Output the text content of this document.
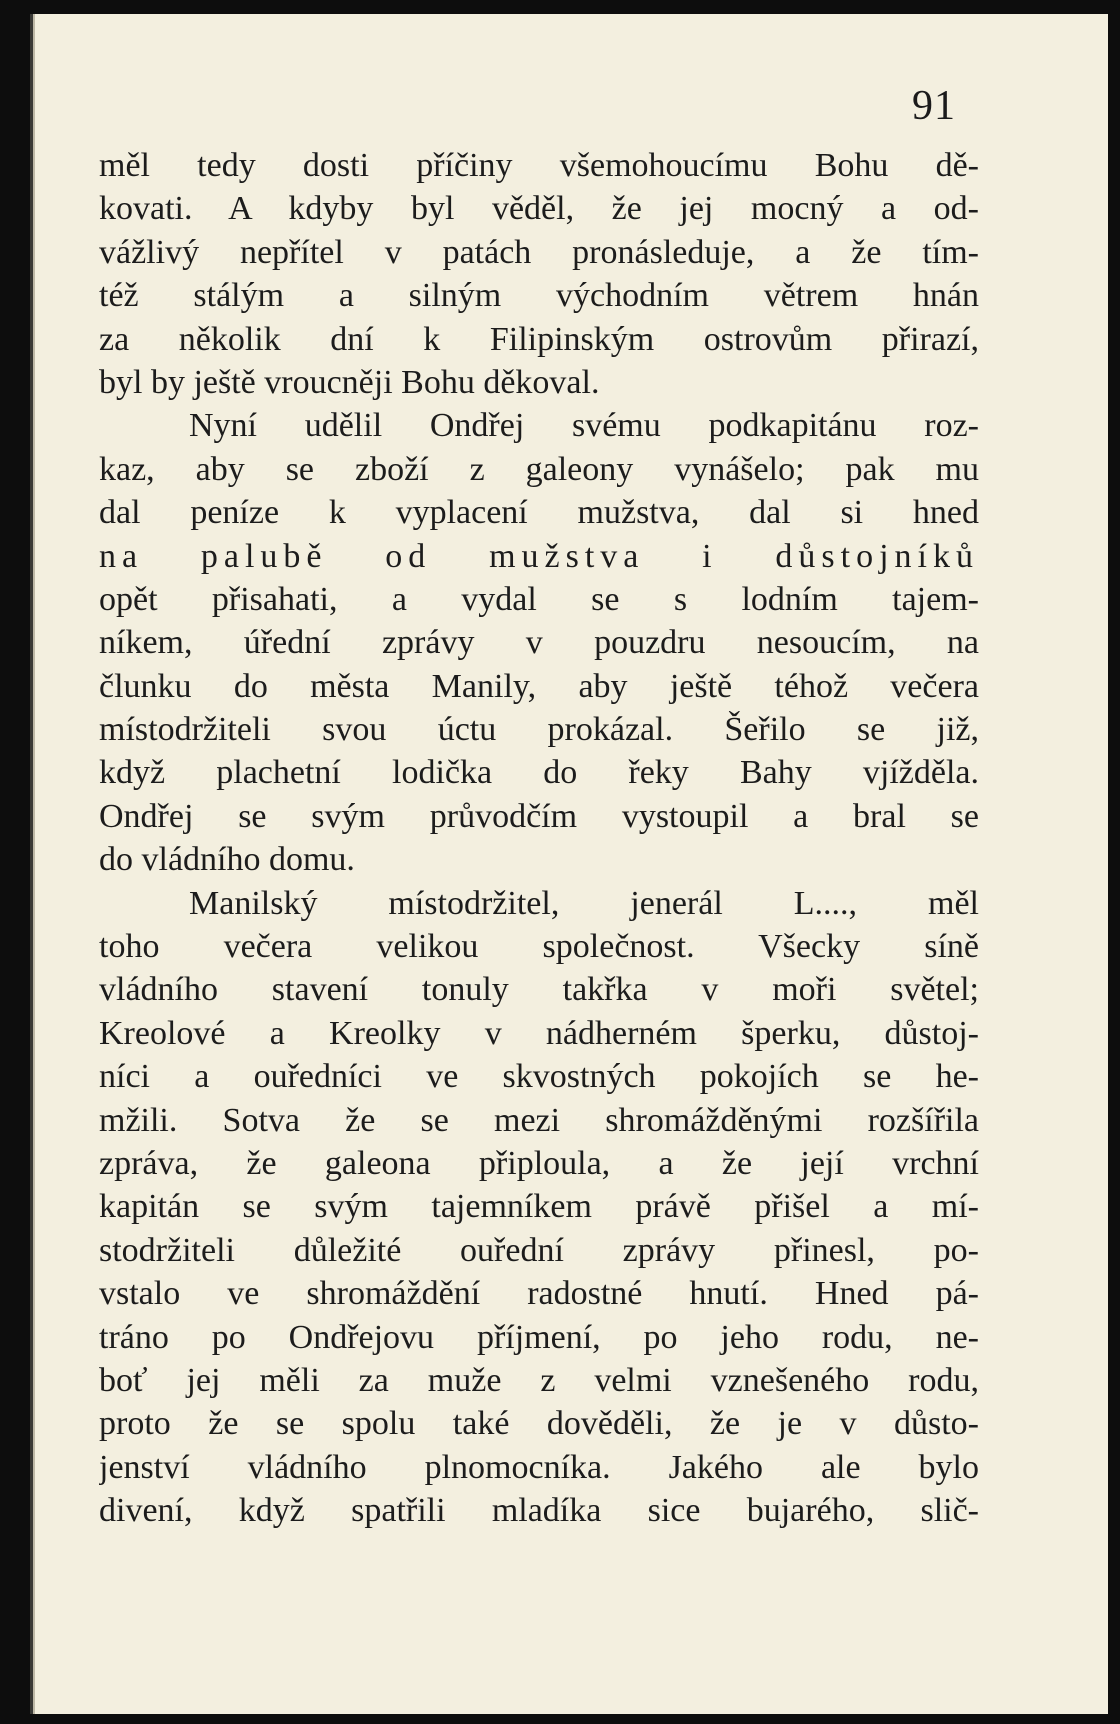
91
měl tedy dosti příčiny všemohoucímu Bohu dě-
kovati. A kdyby byl věděl, že jej mocný a od-
vážlivý nepřítel v patách pronásleduje, a že tím-
též stálým a silným východním větrem hnán
za několik dní k Filipinským ostrovům přirazí,
byl by ještě vroucněji Bohu děkoval.
Nyní udělil Ondřej svému podkapitánu roz-
kaz, aby se zboží z galeony vynášelo; pak mu
dal peníze k vyplacení mužstva, dal si hned
na palubě od mužstva i důstojníků
opět přisahati, a vydal se s lodním tajem-
níkem, úřední zprávy v pouzdru nesoucím, na
člunku do města Manily, aby ještě téhož večera
místodržiteli svou úctu prokázal. Šeřilo se již,
když plachetní lodička do řeky Bahy vjížděla.
Ondřej se svým průvodčím vystoupil a bral se
do vládního domu.
Manilský místodržitel, jenerál L...., měl
toho večera velikou společnost. Všecky síně
vládního stavení tonuly takřka v moři světel;
Kreolové a Kreolky v nádherném šperku, důstoj-
níci a ouředníci ve skvostných pokojích se he-
mžili. Sotva že se mezi shromážděnými rozšířila
zpráva, že galeona připloula, a že její vrchní
kapitán se svým tajemníkem právě přišel a mí-
stodržiteli důležité ouřední zprávy přinesl, po-
vstalo ve shromáždění radostné hnutí. Hned pá-
tráno po Ondřejovu příjmení, po jeho rodu, ne-
boť jej měli za muže z velmi vznešeného rodu,
proto že se spolu také dověděli, že je v důsto-
jenství vládního plnomocníka. Jakého ale bylo
divení, když spatřili mladíka sice bujarého, slič-
